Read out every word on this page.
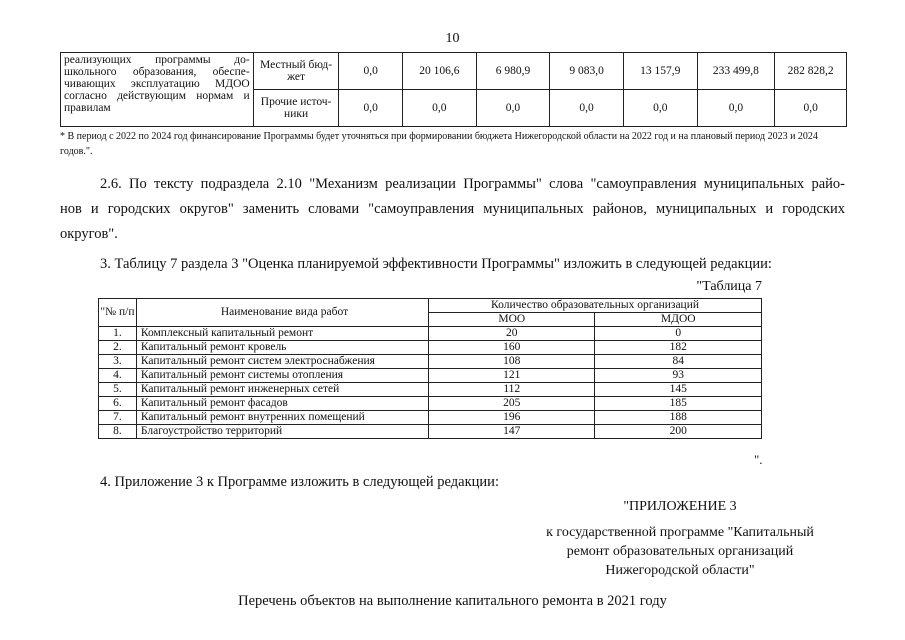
10
реализующих программы до-
школьного образования, обеспе-
чивающих эксплуатацию МДОО
согласно действующим нормам и
правилам	Местный бюд-жет	0,0	20 106,6	6 980,9	9 083,0	13 157,9	233 499,8	282 828,2
	Прочие источ-ники	0,0	0,0	0,0	0,0	0,0	0,0	0,0
* В период с 2022 по 2024 год финансирование Программы будет уточняться при формировании бюджета Нижегородской области на 2022 год и на плановый период 2023 и 2024 годов.".
2.6. По тексту подраздела 2.10 "Механизм реализации Программы" слова "самоуправления муниципальных райо-
нов и городских округов" заменить словами "самоуправления муниципальных районов, муниципальных и городских
округов".
3. Таблицу 7 раздела 3 "Оценка планируемой эффективности Программы" изложить в следующей редакции:
"Таблица 7
"№ п/п	Наименование вида работ	Количество образовательных организаций	
		МОО	МДОО
1.	Комплексный капитальный ремонт	20	0
2.	Капитальный ремонт кровель	160	182
3.	Капитальный ремонт систем электроснабжения	108	84
4.	Капитальный ремонт системы отопления	121	93
5.	Капитальный ремонт инженерных сетей	112	145
6.	Капитальный ремонт фасадов	205	185
7.	Капитальный ремонт внутренних помещений	196	188
8.	Благоустройство территорий	147	200
".
4. Приложение 3 к Программе изложить в следующей редакции:
"ПРИЛОЖЕНИЕ 3
к государственной программе "Капитальный
ремонт образовательных организаций
Нижегородской области"
Перечень объектов на выполнение капитального ремонта в 2021 году
